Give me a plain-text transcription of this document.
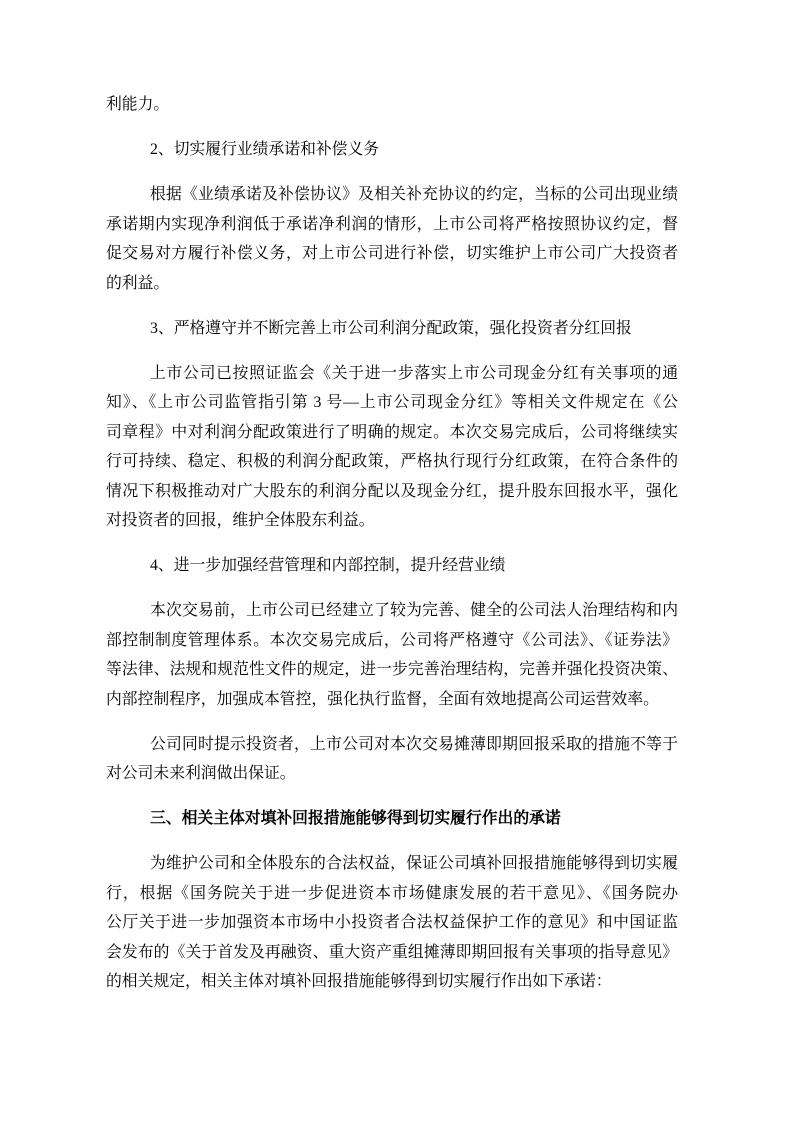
利能力。
2、切实履行业绩承诺和补偿义务
根据《业绩承诺及补偿协议》及相关补充协议的约定，当标的公司出现业绩
承诺期内实现净利润低于承诺净利润的情形，上市公司将严格按照协议约定，督
促交易对方履行补偿义务，对上市公司进行补偿，切实维护上市公司广大投资者
的利益。
3、严格遵守并不断完善上市公司利润分配政策，强化投资者分红回报
上市公司已按照证监会《关于进一步落实上市公司现金分红有关事项的通
知》、《上市公司监管指引第 3 号—上市公司现金分红》等相关文件规定在《公
司章程》中对利润分配政策进行了明确的规定。本次交易完成后，公司将继续实
行可持续、稳定、积极的利润分配政策，严格执行现行分红政策，在符合条件的
情况下积极推动对广大股东的利润分配以及现金分红，提升股东回报水平，强化
对投资者的回报，维护全体股东利益。
4、进一步加强经营管理和内部控制，提升经营业绩
本次交易前，上市公司已经建立了较为完善、健全的公司法人治理结构和内
部控制制度管理体系。本次交易完成后，公司将严格遵守《公司法》、《证券法》
等法律、法规和规范性文件的规定，进一步完善治理结构，完善并强化投资决策、
内部控制程序，加强成本管控，强化执行监督，全面有效地提高公司运营效率。
公司同时提示投资者，上市公司对本次交易摊薄即期回报采取的措施不等于
对公司未来利润做出保证。
三、相关主体对填补回报措施能够得到切实履行作出的承诺
为维护公司和全体股东的合法权益，保证公司填补回报措施能够得到切实履
行，根据《国务院关于进一步促进资本市场健康发展的若干意见》、《国务院办
公厅关于进一步加强资本市场中小投资者合法权益保护工作的意见》和中国证监
会发布的《关于首发及再融资、重大资产重组摊薄即期回报有关事项的指导意见》
的相关规定，相关主体对填补回报措施能够得到切实履行作出如下承诺：
